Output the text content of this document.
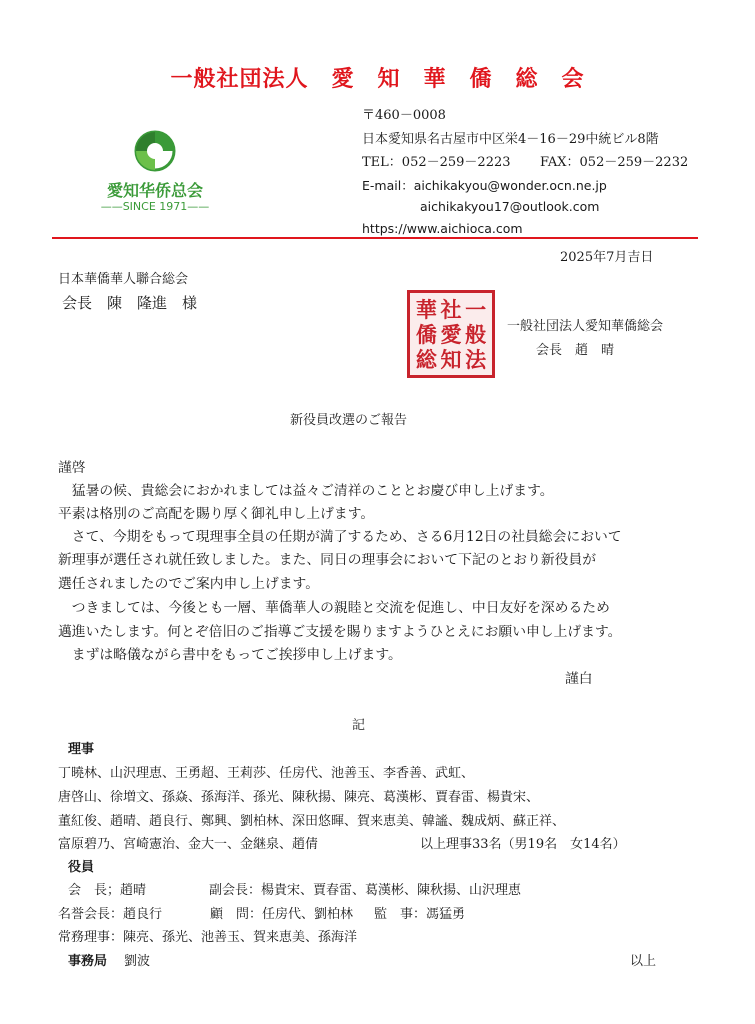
一般社団法人　愛　知　華　僑　総　会
愛知华侨总会
——SINCE 1971——
〒460－0008
日本愛知県名古屋市中区栄4－16－29中統ビル8階
TEL：052－259－2223 FAX：052－259－2232
E-mail：aichikakyou@wonder.ocn.ne.jp
aichikakyou17@outlook.com
https://www.aichioca.com
2025年7月吉日
日本華僑華人聯合総会
会長　陳　隆進　様	華 社 一
僑 愛 般
総 知 法
一般社団法人愛知華僑総会
会長　趙　晴
新役員改選のご報告
謹啓
　猛暑の候、貴総会におかれましては益々ご清祥のこととお慶び申し上げます。
平素は格別のご高配を賜り厚く御礼申し上げます。
　さて、今期をもって現理事全員の任期が満了するため、さる6月12日の社員総会において
新理事が選任され就任致しました。また、同日の理事会において下記のとおり新役員が
選任されましたのでご案内申し上げます。
　つきましては、今後とも一層、華僑華人の親睦と交流を促進し、中日友好を深めるため
邁進いたします。何とぞ倍旧のご指導ご支援を賜りますようひとえにお願い申し上げます。
　まずは略儀ながら書中をもってご挨拶申し上げます。
謹白
記
理事
丁曉林、山沢理恵、王勇超、王莉莎、任房代、池善玉、李香善、武虹、
唐啓山、徐増文、孫焱、孫海洋、孫光、陳秋揚、陳亮、葛漢彬、賈春雷、楊貴宋、
董紅俊、趙晴、趙良行、鄭興、劉柏林、深田悠暉、賀来恵美、韓謐、魏成炳、蘇正祥、
富原碧乃、宮崎憲治、金大一、金継泉、趙倩	以上理事33名（男19名　女14名）
役員
会　長；趙晴	副会長：楊貴宋、賈春雷、葛漢彬、陳秋揚、山沢理恵
名誉会長：趙良行	顧　問：任房代、劉柏林 監　事：馮猛勇
常務理事：陳亮、孫光、池善玉、賀来恵美、孫海洋
事務局 劉波	以上
